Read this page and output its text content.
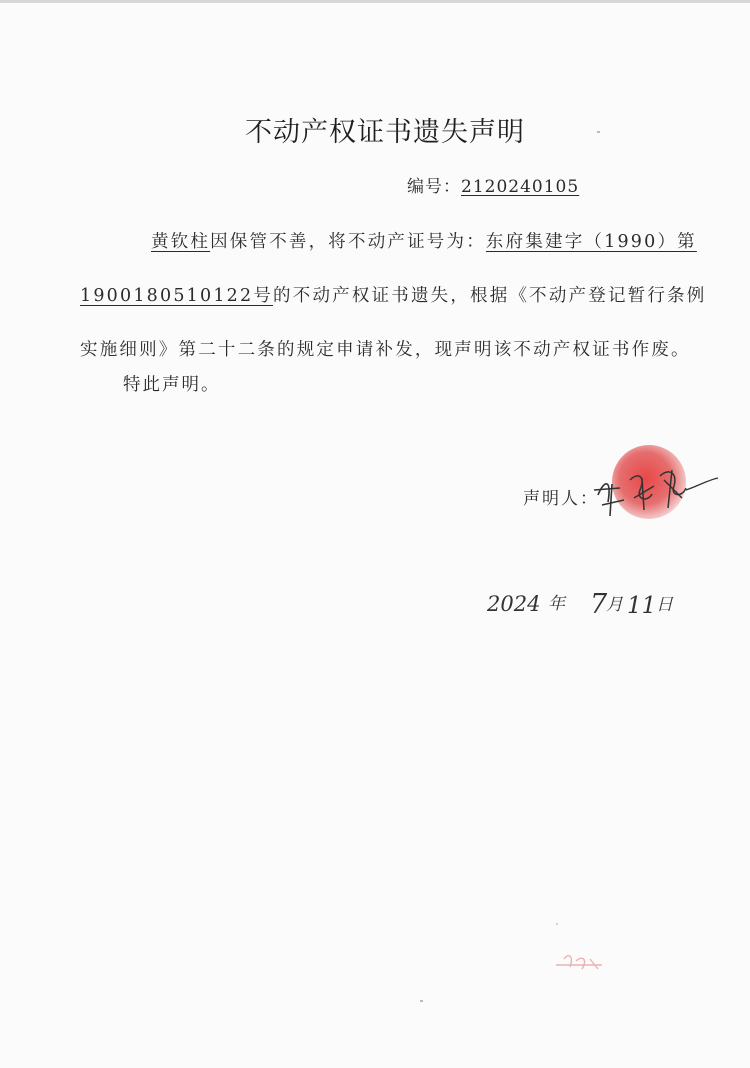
不动产权证书遗失声明
编号：2120240105
黄钦柱因保管不善，将不动产证号为：东府集建字（1990）第
1900180510122号的不动产权证书遗失，根据《不动产登记暂行条例
实施细则》第二十二条的规定申请补发，现声明该不动产权证书作废。
特此声明。
声明人：
2024 年 7
月 11 日
